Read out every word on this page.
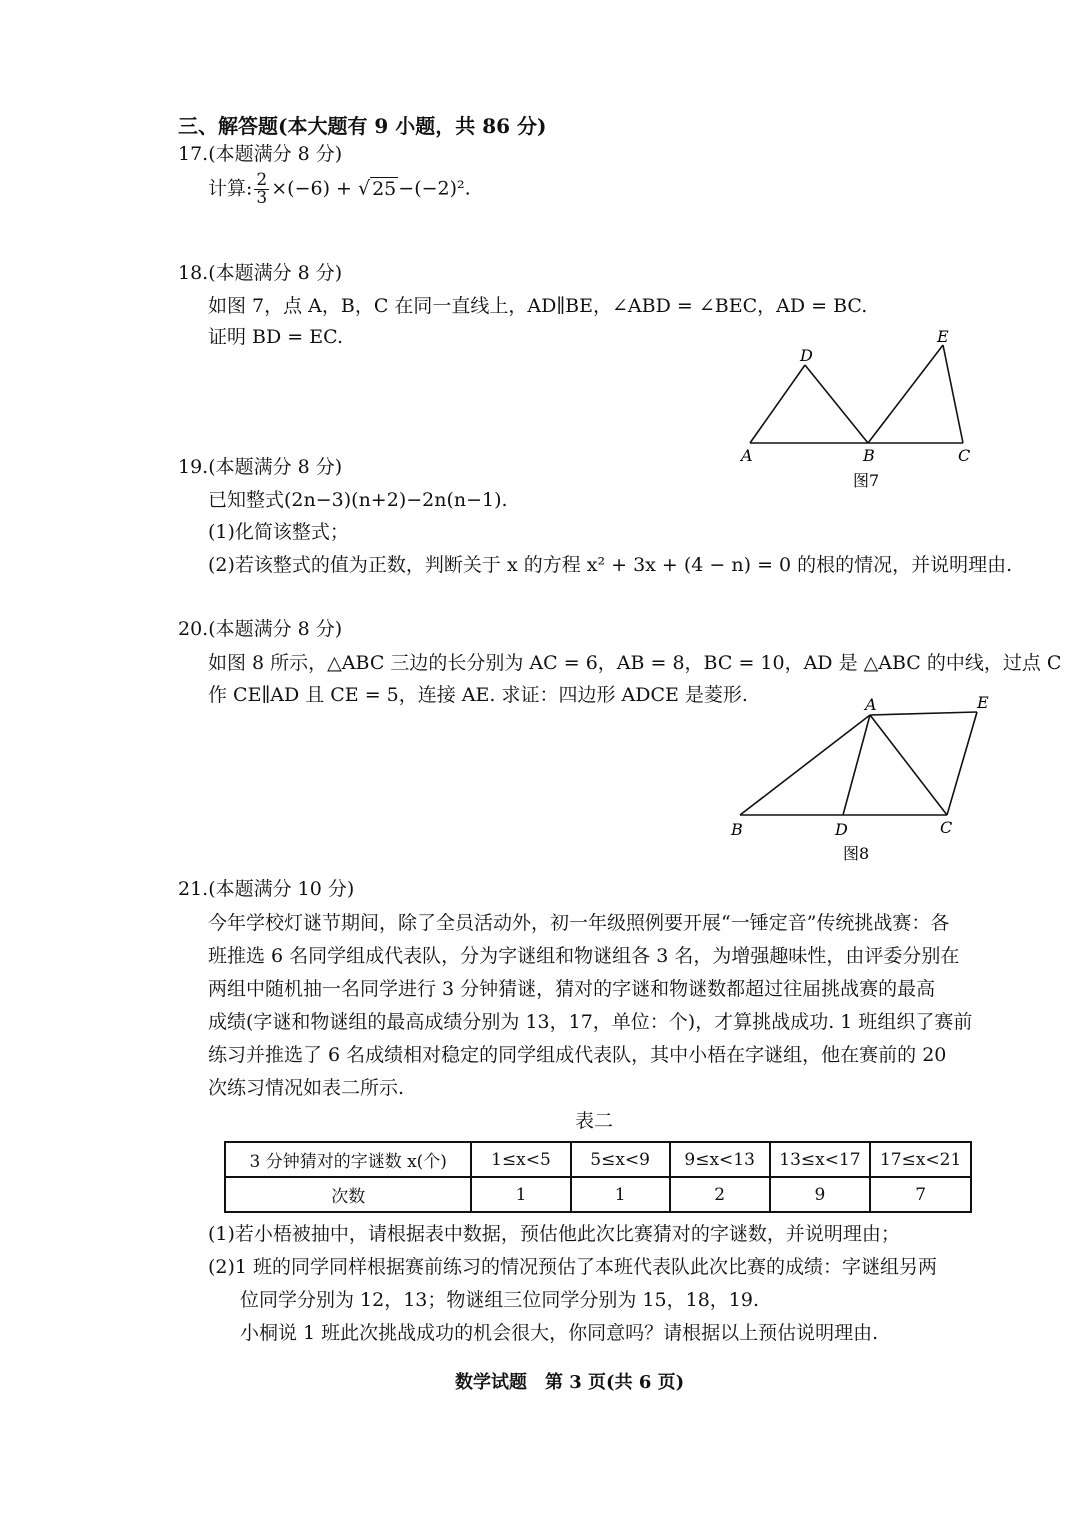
三、解答题(本大题有 9 小题，共 86 分)
17.(本题满分 8 分)
计算: $\frac{2}{3} \times(-6)$ + √ 25 −(−2)².
18.(本题满分 8 分)
如图 7，点 A，B，C 在同一直线上，AD∥BE，∠ABD = ∠BEC，AD = BC.
证明 BD = EC.
A	B	C
D
E
图7
19.(本题满分 8 分)
已知整式(2n−3)(n+2)−2n(n−1).
(1)化简该整式；
(2)若该整式的值为正数，判断关于 x 的方程 x² + 3x + (4 − n) = 0 的根的情况，并说明理由.
20.(本题满分 8 分)
如图 8 所示，△ABC 三边的长分别为 AC = 6，AB = 8，BC = 10，AD 是 △ABC 的中线，过点 C
作 CE∥AD 且 CE = 5，连接 AE. 求证：四边形 ADCE 是菱形.	A
B	D	C
E
图8
21.(本题满分 10 分)
今年学校灯谜节期间，除了全员活动外，初一年级照例要开展“一锤定音”传统挑战赛：各
班推选 6 名同学组成代表队，分为字谜组和物谜组各 3 名，为增强趣味性，由评委分别在
两组中随机抽一名同学进行 3 分钟猜谜，猜对的字谜和物谜数都超过往届挑战赛的最高
成绩(字谜和物谜组的最高成绩分别为 13，17，单位：个)，才算挑战成功. 1 班组织了赛前
练习并推选了 6 名成绩相对稳定的同学组成代表队，其中小梧在字谜组，他在赛前的 20
次练习情况如表二所示.
表二
3 分钟猜对的字谜数 x(个)	1≤x<5	5≤x<9	9≤x<13	13≤x<17	17≤x<21
次数	1	1	2	9	7
(1)若小梧被抽中，请根据表中数据，预估他此次比赛猜对的字谜数，并说明理由；
(2)1 班的同学同样根据赛前练习的情况预估了本班代表队此次比赛的成绩：字谜组另两
位同学分别为 12，13；物谜组三位同学分别为 15，18，19.
小桐说 1 班此次挑战成功的机会很大，你同意吗？请根据以上预估说明理由.
数学试题　第 3 页(共 6 页)
